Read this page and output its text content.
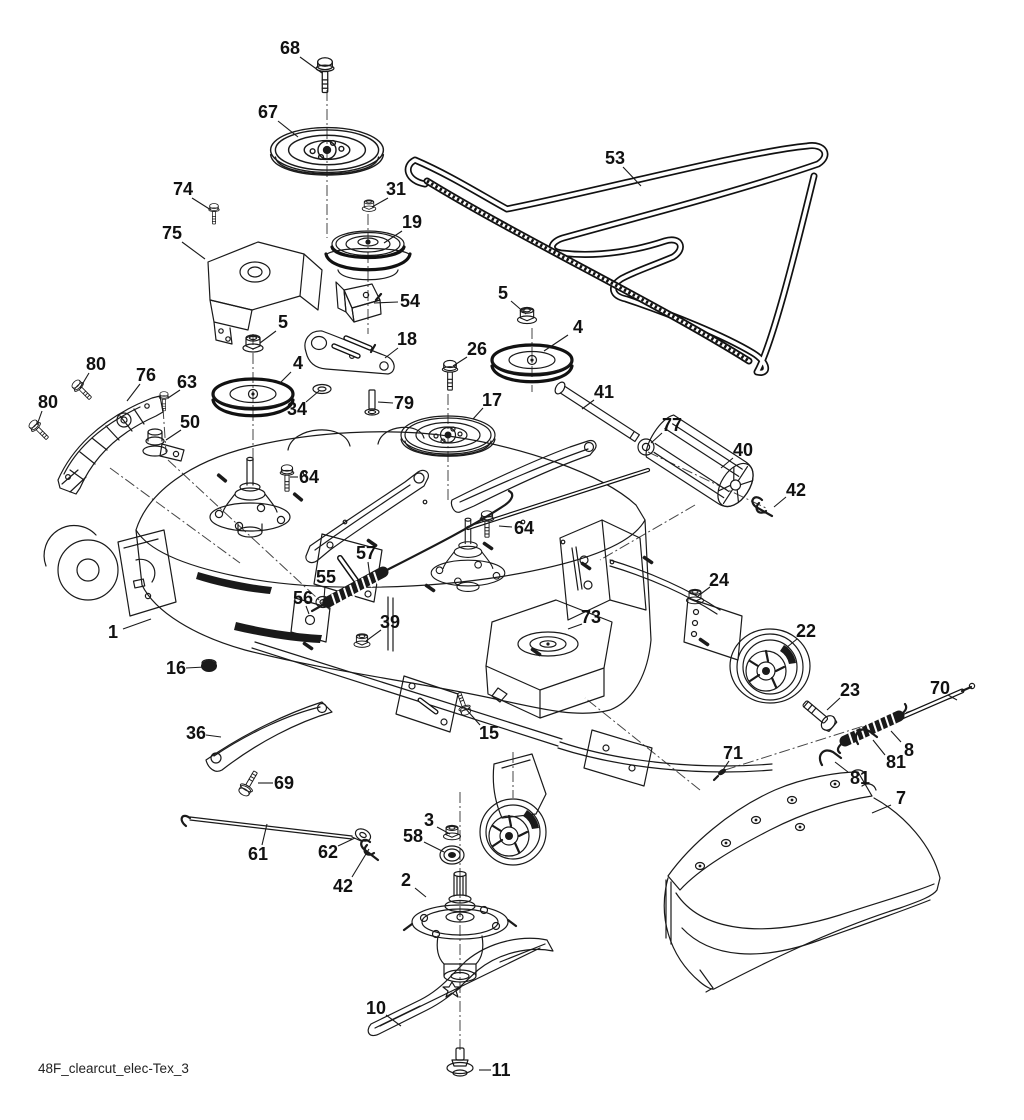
68
67
53
74
75
31
19
54
5
18
5
4
26
80
76 63
80
4
34	79	17	41
77
40
42
50
64
64
57
55
56
24
1	39	73
22
16
23	70
36	15
8
81
71
81
7
69
61	62
42
3
58
2
10
11
48F_clearcut_elec-Tex_3
